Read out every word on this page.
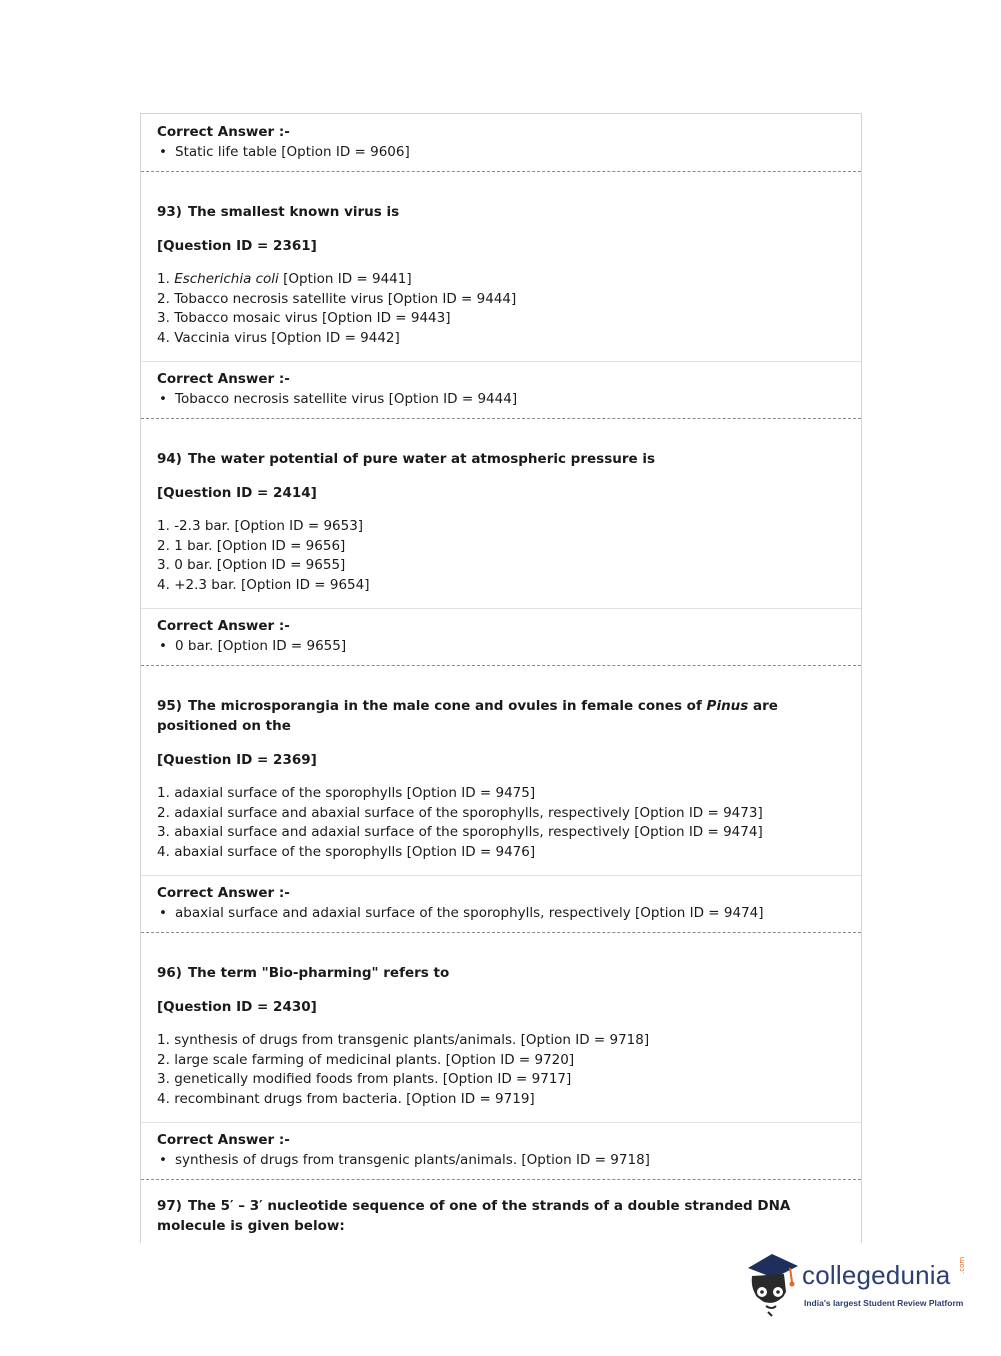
Correct Answer :-
• Static life table [Option ID = 9606]
93) The smallest known virus is
[Question ID = 2361]
1. Escherichia coli [Option ID = 9441]
2. Tobacco necrosis satellite virus [Option ID = 9444]
3. Tobacco mosaic virus [Option ID = 9443]
4. Vaccinia virus [Option ID = 9442]
Correct Answer :-
• Tobacco necrosis satellite virus [Option ID = 9444]
94) The water potential of pure water at atmospheric pressure is
[Question ID = 2414]
1. -2.3 bar. [Option ID = 9653]
2. 1 bar. [Option ID = 9656]
3. 0 bar. [Option ID = 9655]
4. +2.3 bar. [Option ID = 9654]
Correct Answer :-
• 0 bar. [Option ID = 9655]
95) The microsporangia in the male cone and ovules in female cones of Pinus are positioned on the
[Question ID = 2369]
1. adaxial surface of the sporophylls [Option ID = 9475]
2. adaxial surface and abaxial surface of the sporophylls, respectively [Option ID = 9473]
3. abaxial surface and adaxial surface of the sporophylls, respectively [Option ID = 9474]
4. abaxial surface of the sporophylls [Option ID = 9476]
Correct Answer :-
• abaxial surface and adaxial surface of the sporophylls, respectively [Option ID = 9474]
96) The term "Bio-pharming" refers to
[Question ID = 2430]
1. synthesis of drugs from transgenic plants/animals. [Option ID = 9718]
2. large scale farming of medicinal plants. [Option ID = 9720]
3. genetically modified foods from plants. [Option ID = 9717]
4. recombinant drugs from bacteria. [Option ID = 9719]
Correct Answer :-
• synthesis of drugs from transgenic plants/animals. [Option ID = 9718]
97) The 5′ – 3′ nucleotide sequence of one of the strands of a double stranded DNA molecule is given below:
collegedunia .com
India's largest Student Review Platform
